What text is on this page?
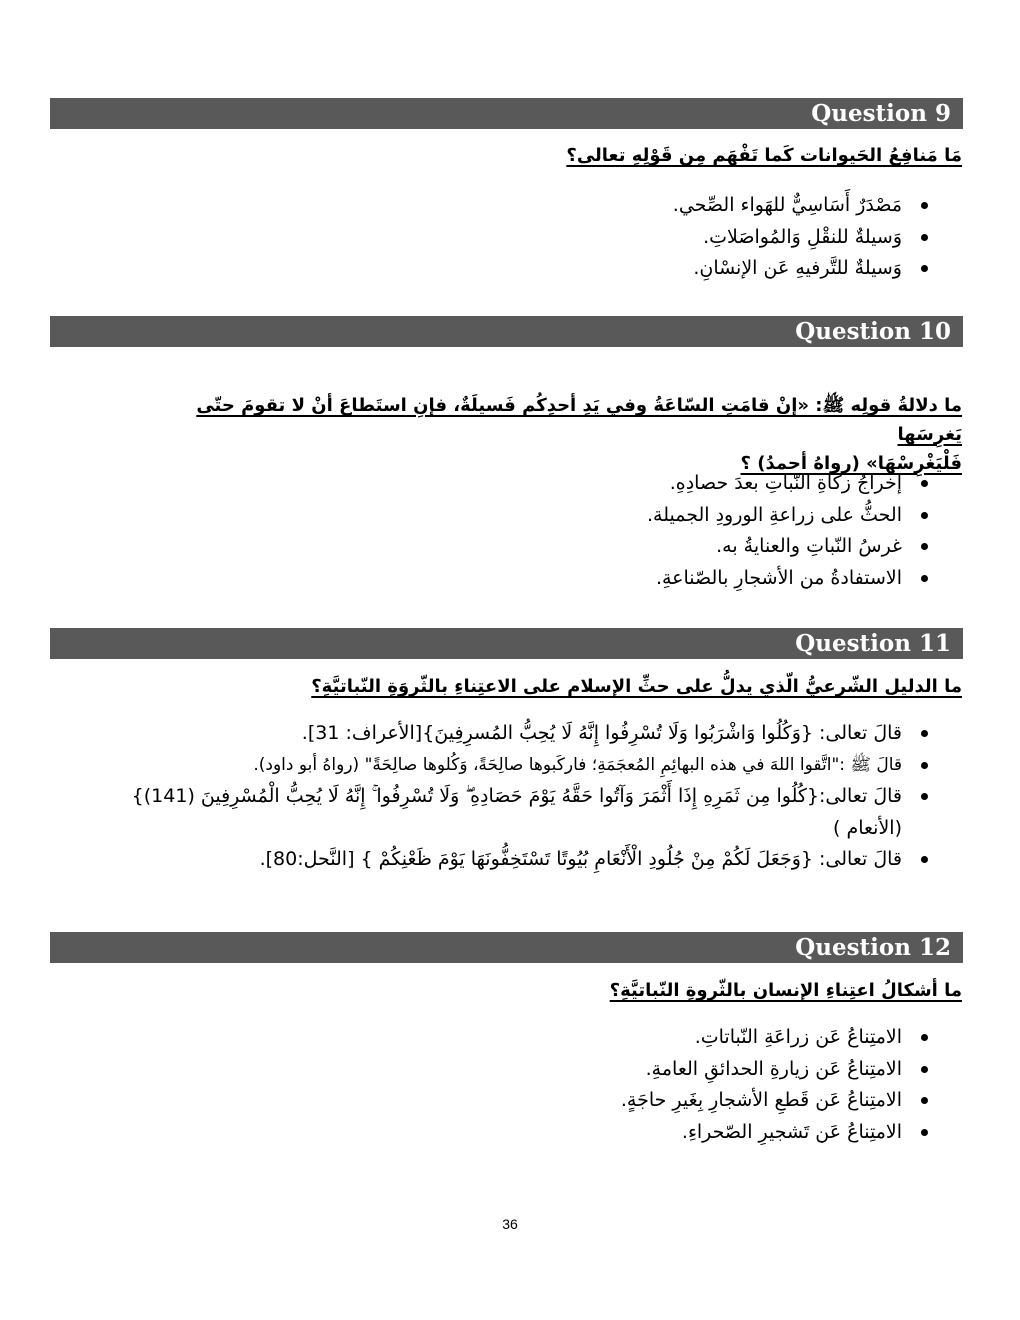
Question 9
مَا مَنافِعُ الحَيوانات كَما تَفْهَم مِن قَوْلِهِ تعالى؟
مَصْدَرٌ أَسَاسِيٌّ للهَواء الصِّحي.
وَسيلةٌ للنقْلِ وَالمُواصَلاتِ.
وَسيلةٌ للتَّرفيهِ عَن الإنسْانِ.
Question 10
ما دلالةُ قولِه ﷺ: «إنْ قامَتِ السّاعَةُ وفي يَدِ أحدِكُم فَسيلَةٌ، فإنِ استَطاعَ أنْ لا تقومَ حتّى يَغرِسَها
فَلْيَغْرِسْهَا» (رواهُ أحمدُ) ؟
إخراجُ زكاةِ النّباتِ بعدَ حصادِهِ.
الحثُّ على زراعةِ الورودِ الجميلة.
غرسُ النّباتِ والعنايةُ به.
الاستفادةُ من الأشجارِ بالصّناعةِ.
Question 11
ما الدليل الشّرعيُّ الّذي يدلُّ على حثِّ الإسلام على الاعتِناءِ بالثّروَةِ النّباتيَّةِ؟
قالَ تعالى: {وَكُلُوا وَاشْرَبُوا وَلَا تُسْرِفُوا إِنَّهُ لَا يُحِبُّ المُسرِفِينَ}[الأعراف: 31].
قالَ ﷺ :"اتَّقوا اللهَ في هذه البهائِمِ المُعجَمَةِ؛ فاركَبوها صالِحَةً، وَكُلوها صالِحَةً" (رواهُ أبو داود).
قالَ تعالى:{كُلُوا مِن ثَمَرِهِ إِذَا أَثْمَرَ وَآتُوا حَقَّهُ يَوْمَ حَصَادِهِ ۖ وَلَا تُسْرِفُوا ۚ إِنَّهُ لَا يُحِبُّ الْمُسْرِفِينَ (141)} (الأنعام )
قالَ تعالى: {وَجَعَلَ لَكُمْ مِنْ جُلُودِ الْأَنْعَامِ بُيُوتًا تَسْتَخِفُّونَهَا يَوْمَ ظَعْنِكُمْ } [النَّحل:80].
Question 12
ما أشكالُ اعتِناءِ الإنسان بالثّروةِ النّباتيَّةِ؟
الامتِناعُ عَن زراعَةِ النّباتاتِ.
الامتِناعُ عَن زيارةِ الحدائقِ العامةِ.
الامتِناعُ عَن قَطعِ الأشجارِ بِغَيرِ حاجَةٍ.
الامتِناعُ عَن تَشجيرِ الصّحراءِ.
36
